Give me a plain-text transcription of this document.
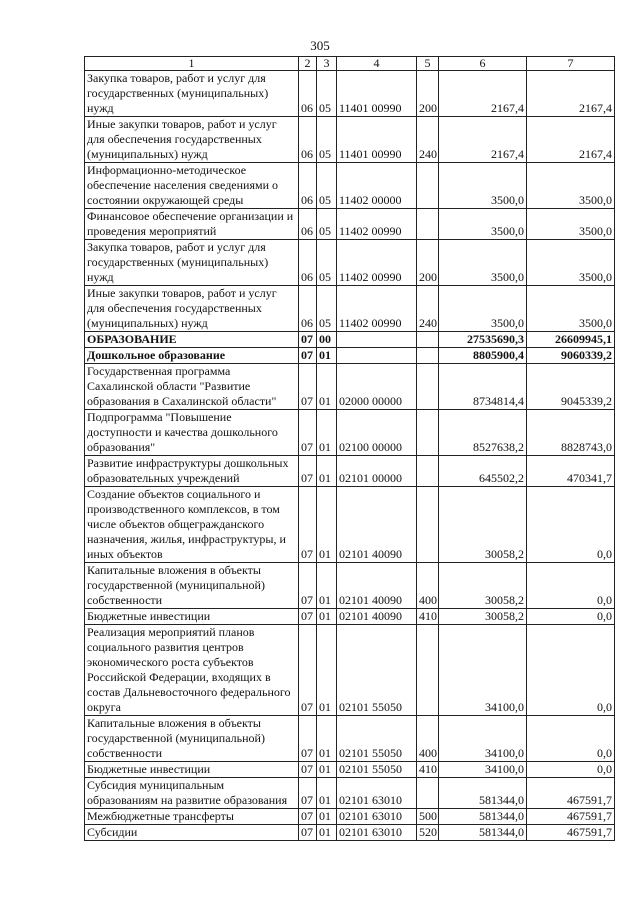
305
1	2	3	4	5	6	7
Закупка товаров, работ и услуг для государственных (муниципальных) нужд	06	05	11401 00990	200	2167,4	2167,4
Иные закупки товаров, работ и услуг для обеспечения государственных (муниципальных) нужд	06	05	11401 00990	240	2167,4	2167,4
Информационно-методическое обеспечение населения сведениями о состоянии окружающей среды	06	05	11402 00000		3500,0	3500,0
Финансовое обеспечение организации и проведения мероприятий	06	05	11402 00990		3500,0	3500,0
Закупка товаров, работ и услуг для государственных (муниципальных) нужд	06	05	11402 00990	200	3500,0	3500,0
Иные закупки товаров, работ и услуг для обеспечения государственных (муниципальных) нужд	06	05	11402 00990	240	3500,0	3500,0
ОБРАЗОВАНИЕ	07	00			27535690,3	26609945,1
Дошкольное образование	07	01			8805900,4	9060339,2
Государственная программа Сахалинской области "Развитие образования в Сахалинской области"	07	01	02000 00000		8734814,4	9045339,2
Подпрограмма "Повышение доступности и качества дошкольного образования"	07	01	02100 00000		8527638,2	8828743,0
Развитие инфраструктуры дошкольных образовательных учреждений	07	01	02101 00000		645502,2	470341,7
Создание объектов социального и производственного комплексов, в том числе объектов общегражданского назначения, жилья, инфраструктуры, и иных объектов	07	01	02101 40090		30058,2	0,0
Капитальные вложения в объекты государственной (муниципальной) собственности	07	01	02101 40090	400	30058,2	0,0
Бюджетные инвестиции	07	01	02101 40090	410	30058,2	0,0
Реализация мероприятий планов социального развития центров экономического роста субъектов Российской Федерации, входящих в состав Дальневосточного федерального округа	07	01	02101 55050		34100,0	0,0
Капитальные вложения в объекты государственной (муниципальной) собственности	07	01	02101 55050	400	34100,0	0,0
Бюджетные инвестиции	07	01	02101 55050	410	34100,0	0,0
Субсидия муниципальным образованиям на развитие образования	07	01	02101 63010		581344,0	467591,7
Межбюджетные трансферты	07	01	02101 63010	500	581344,0	467591,7
Субсидии	07	01	02101 63010	520	581344,0	467591,7
